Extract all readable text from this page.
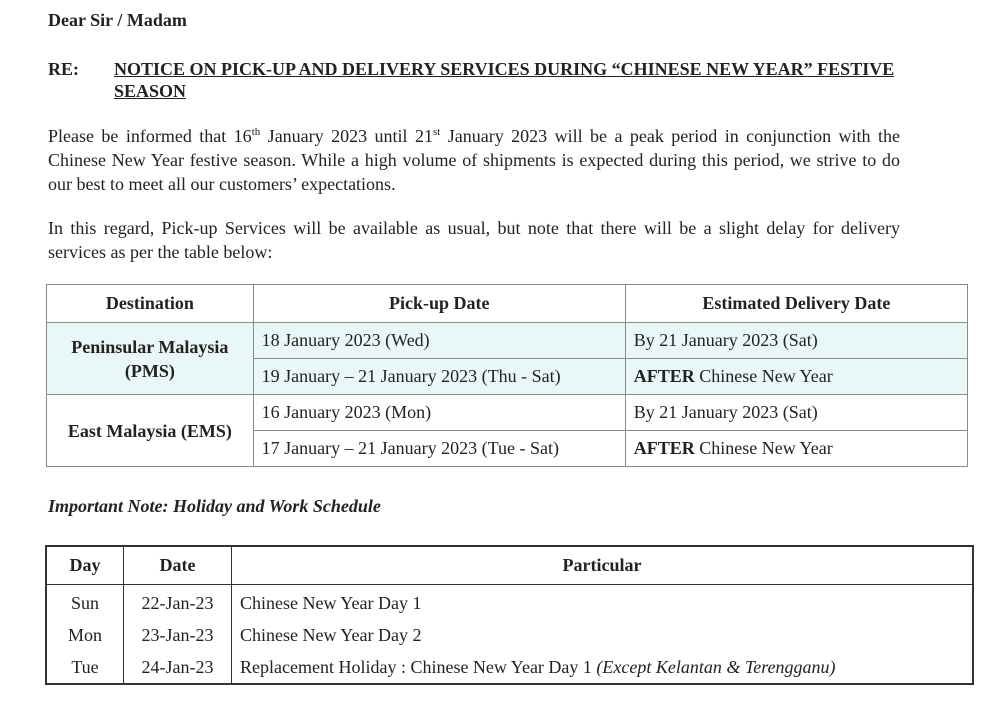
Dear Sir / Madam
RE: NOTICE ON PICK-UP AND DELIVERY SERVICES DURING “CHINESE NEW YEAR” FESTIVE SEASON

Please be informed that 16th January 2023 until 21st January 2023 will be a peak period in conjunction with the Chinese New Year festive season. While a high volume of shipments is expected during this period, we strive to do our best to meet all our customers’ expectations.

In this regard, Pick-up Services will be available as usual, but note that there will be a slight delay for delivery services as per the table below:

Destination	Pick-up Date	Estimated Delivery Date

Peninsular Malaysia
(PMS)	18 January 2023 (Wed)	By 21 January 2023 (Sat)
	19 January – 21 January 2023 (Thu - Sat)	AFTER Chinese New Year

East Malaysia (EMS)	16 January 2023 (Mon)	By 21 January 2023 (Sat)
	17 January – 21 January 2023 (Tue - Sat)	AFTER Chinese New Year
Important Note: Holiday and Work Schedule
Day	Date	Particular
Sun	22-Jan-23	Chinese New Year Day 1
Mon	23-Jan-23	Chinese New Year Day 2
Tue	24-Jan-23	Replacement Holiday : Chinese New Year Day 1 (Except Kelantan & Terengganu)
